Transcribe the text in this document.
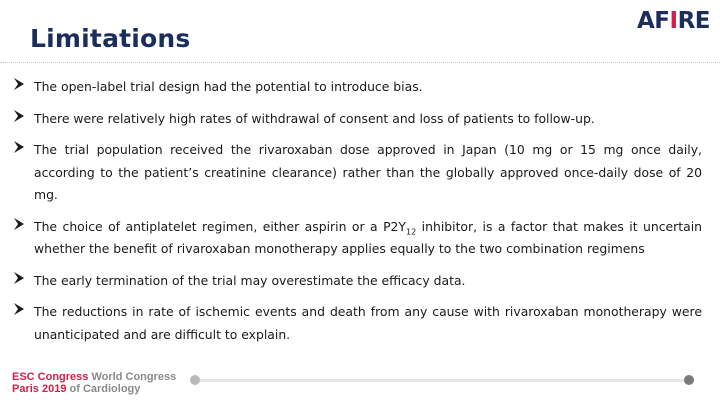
Limitations
AFIRE
The open-label trial design had the potential to introduce bias.
There were relatively high rates of withdrawal of consent and loss of patients to follow-up.
The trial population received the rivaroxaban dose approved in Japan (10 mg or 15 mg once daily, according to the patient’s creatinine clearance) rather than the globally approved once-daily dose of 20 mg.
The choice of antiplatelet regimen, either aspirin or a $P2Y_{12}$ inhibitor, is a factor that makes it uncertain whether the benefit of rivaroxaban monotherapy applies equally to the two combination regimens
The early termination of the trial may overestimate the efficacy data.
The reductions in rate of ischemic events and death from any cause with rivaroxaban monotherapy were unanticipated and are difficult to explain.
ESC Congress World Congress
Paris 2019 of Cardiology
